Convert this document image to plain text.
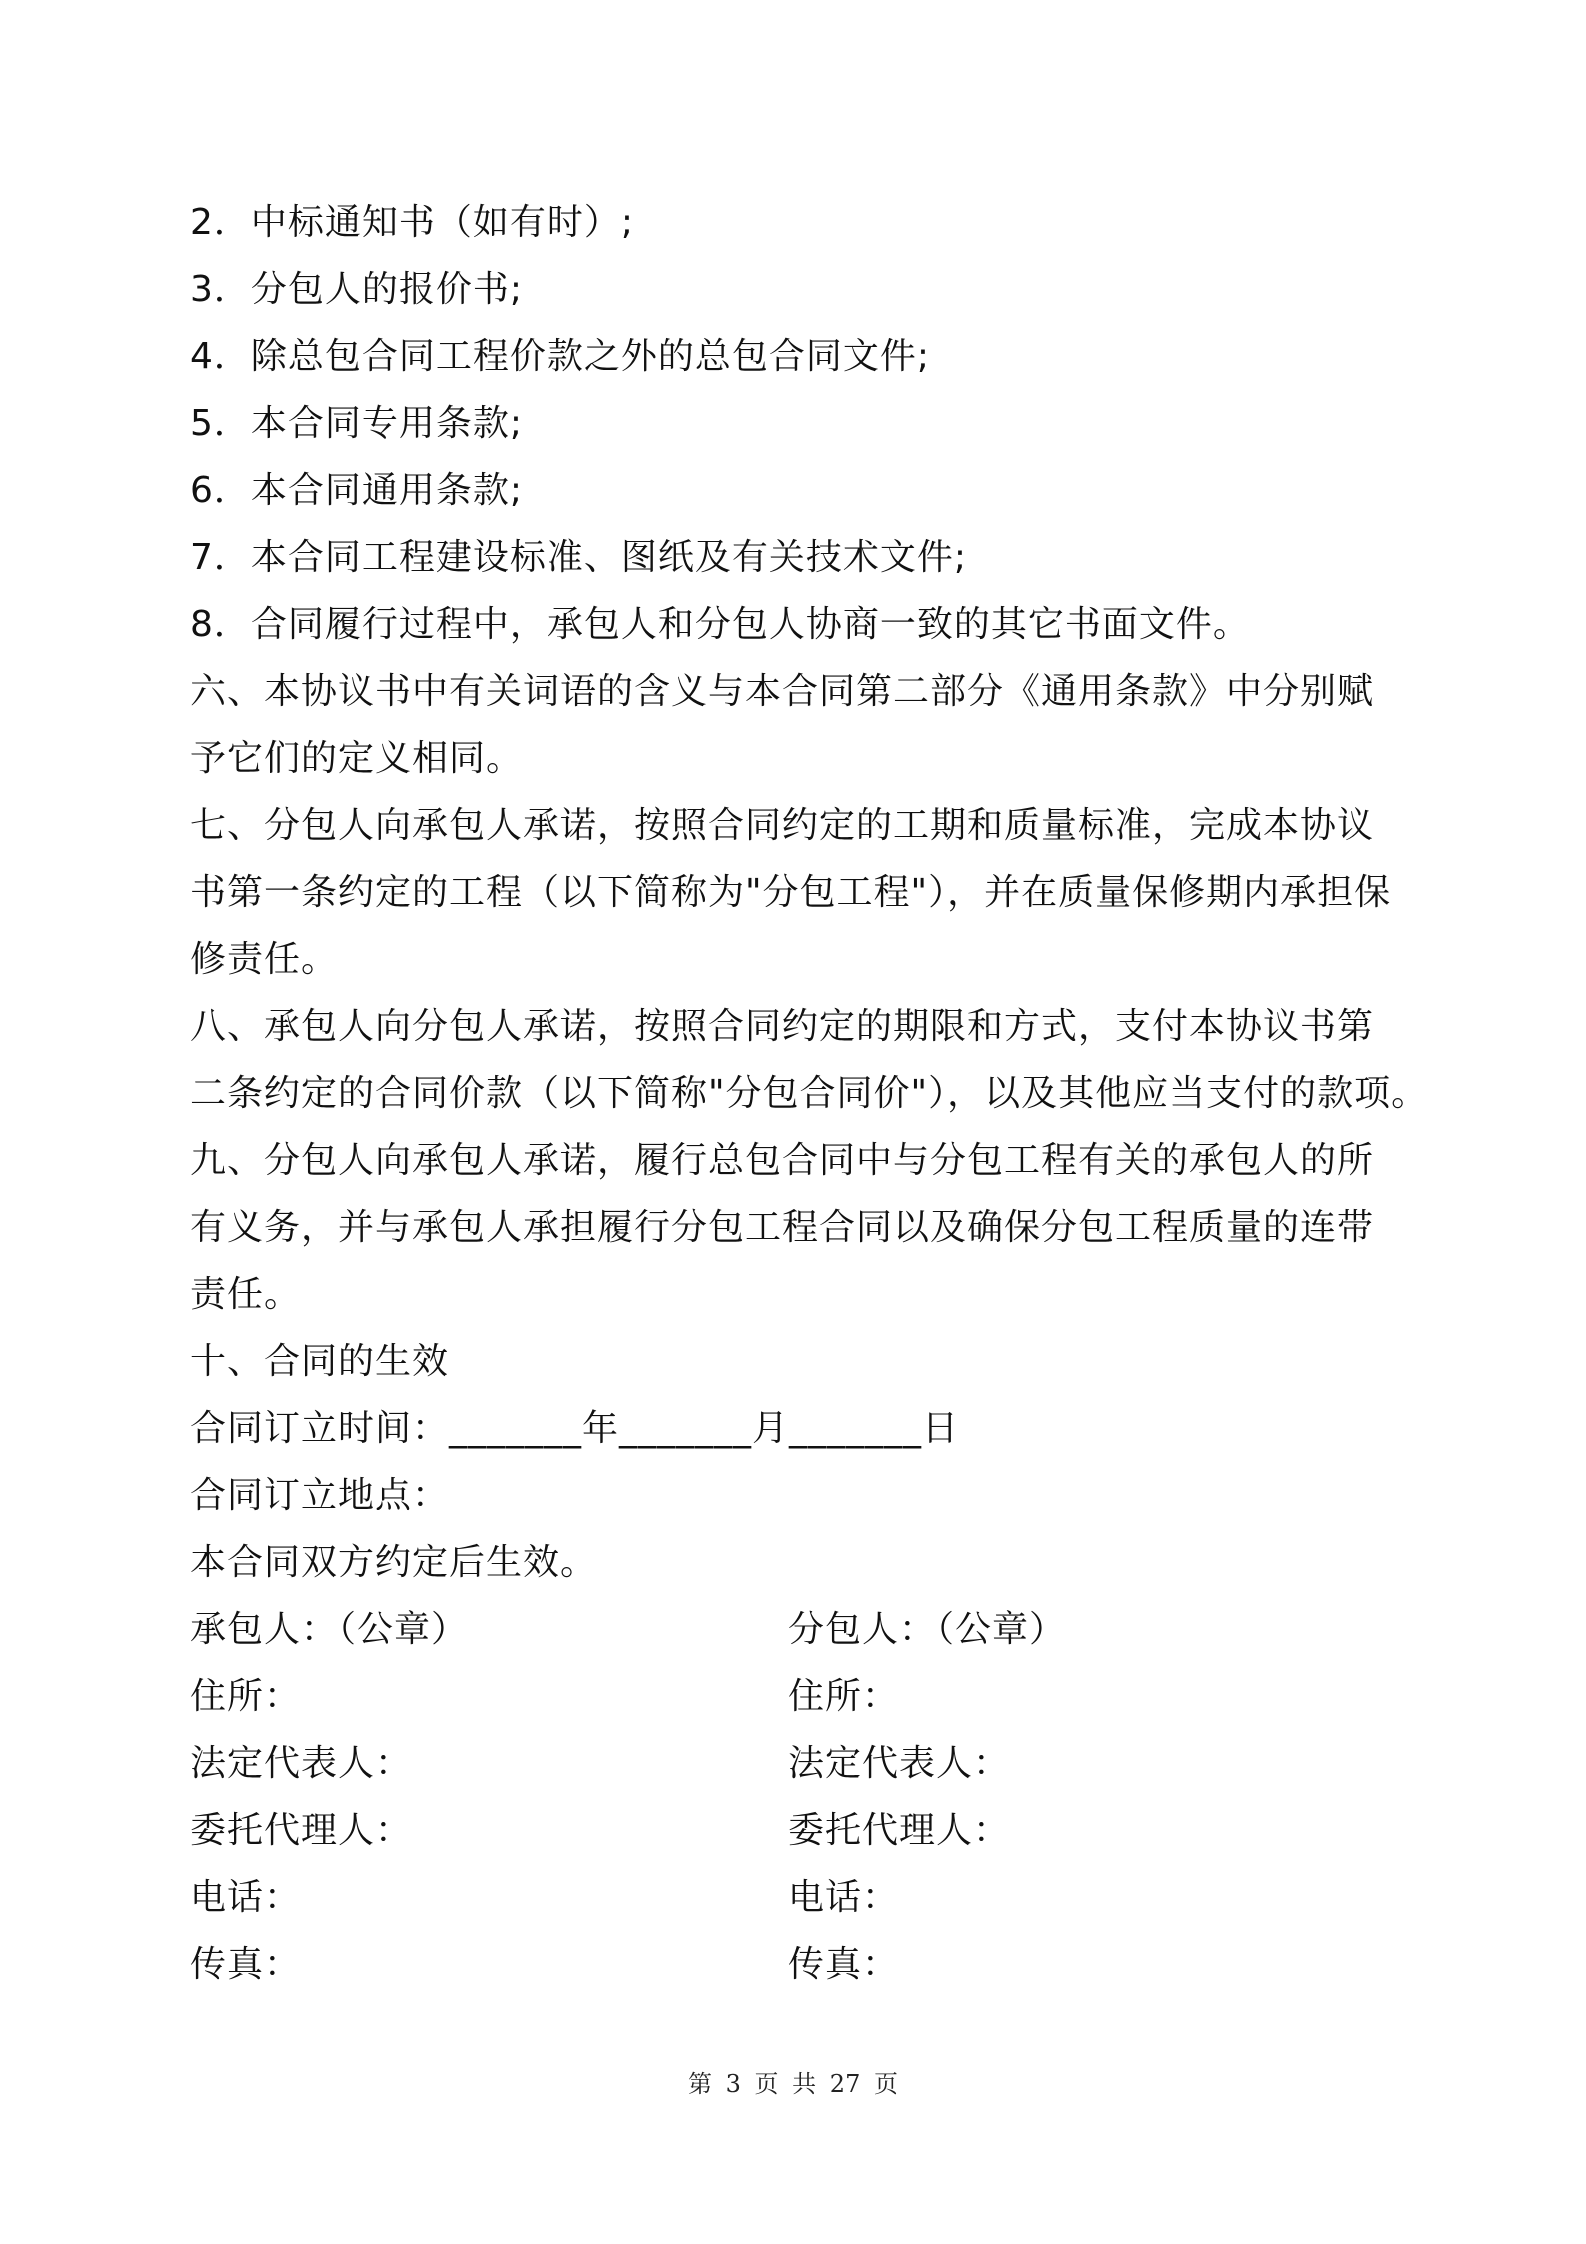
2．中标通知书（如有时）;
3．分包人的报价书;
4．除总包合同工程价款之外的总包合同文件;
5．本合同专用条款;
6．本合同通用条款;
7．本合同工程建设标准、图纸及有关技术文件;
8．合同履行过程中，承包人和分包人协商一致的其它书面文件。
六、本协议书中有关词语的含义与本合同第二部分《通用条款》中分别赋
予它们的定义相同。
七、分包人向承包人承诺，按照合同约定的工期和质量标准，完成本协议
书第一条约定的工程（以下简称为"分包工程"），并在质量保修期内承担保
修责任。
八、承包人向分包人承诺，按照合同约定的期限和方式，支付本协议书第
二条约定的合同价款（以下简称"分包合同价"），以及其他应当支付的款项。
九、分包人向承包人承诺，履行总包合同中与分包工程有关的承包人的所
有义务，并与承包人承担履行分包工程合同以及确保分包工程质量的连带
责任。
十、合同的生效
合同订立时间：_______年_______月_______日
合同订立地点：
本合同双方约定后生效。
承包人：（公章）	分包人：（公章）
住所：	住所：
法定代表人：	法定代表人：
委托代理人：	委托代理人：
电话：	电话：
传真：	传真：
第 3 页 共 27 页
